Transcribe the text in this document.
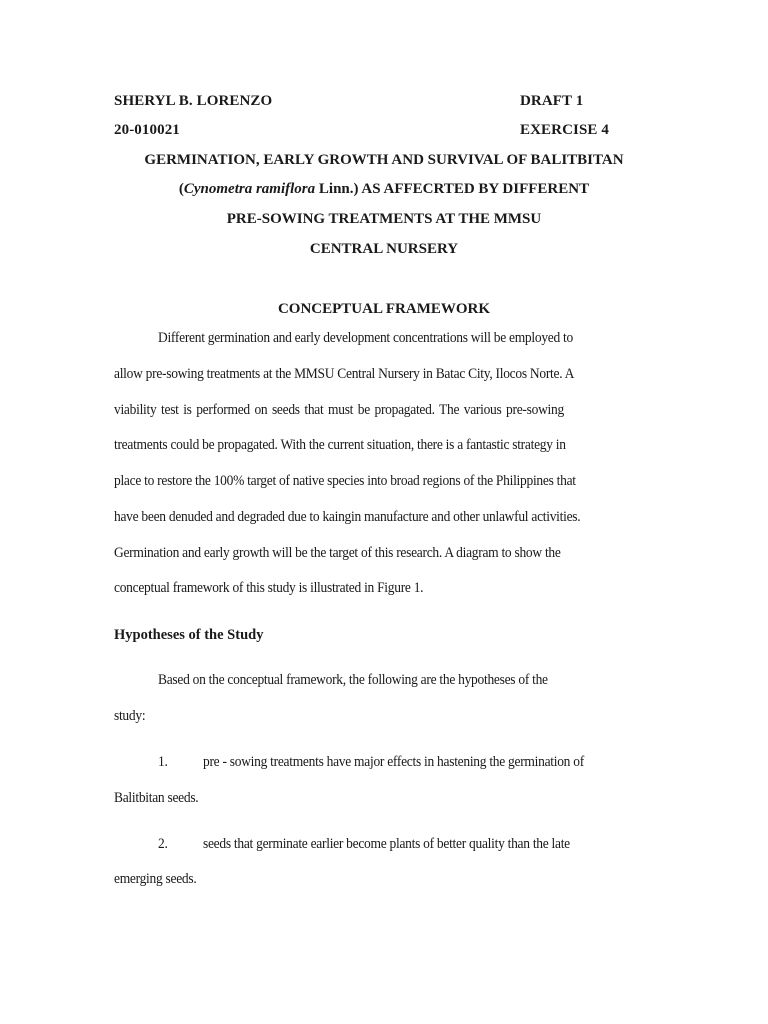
SHERYL B. LORENZO	DRAFT 1
20-010021	EXERCISE 4
GERMINATION, EARLY GROWTH AND SURVIVAL OF BALITBITAN
(Cynometra ramiflora Linn.) AS AFFECRTED BY DIFFERENT
PRE-SOWING TREATMENTS AT THE MMSU
CENTRAL NURSERY
CONCEPTUAL FRAMEWORK
Different germination and early development concentrations will be employed to
allow pre-sowing treatments at the MMSU Central Nursery in Batac City, Ilocos Norte. A
viability test is performed on seeds that must be propagated. The various pre-sowing
treatments could be propagated. With the current situation, there is a fantastic strategy in
place to restore the 100% target of native species into broad regions of the Philippines that
have been denuded and degraded due to kaingin manufacture and other unlawful activities.
Germination and early growth will be the target of this research. A diagram to show the
conceptual framework of this study is illustrated in Figure 1.
Hypotheses of the Study
Based on the conceptual framework, the following are the hypotheses of the
study:
1. pre - sowing treatments have major effects in hastening the germination of
Balitbitan seeds.
2. seeds that germinate earlier become plants of better quality than the late
emerging seeds.
